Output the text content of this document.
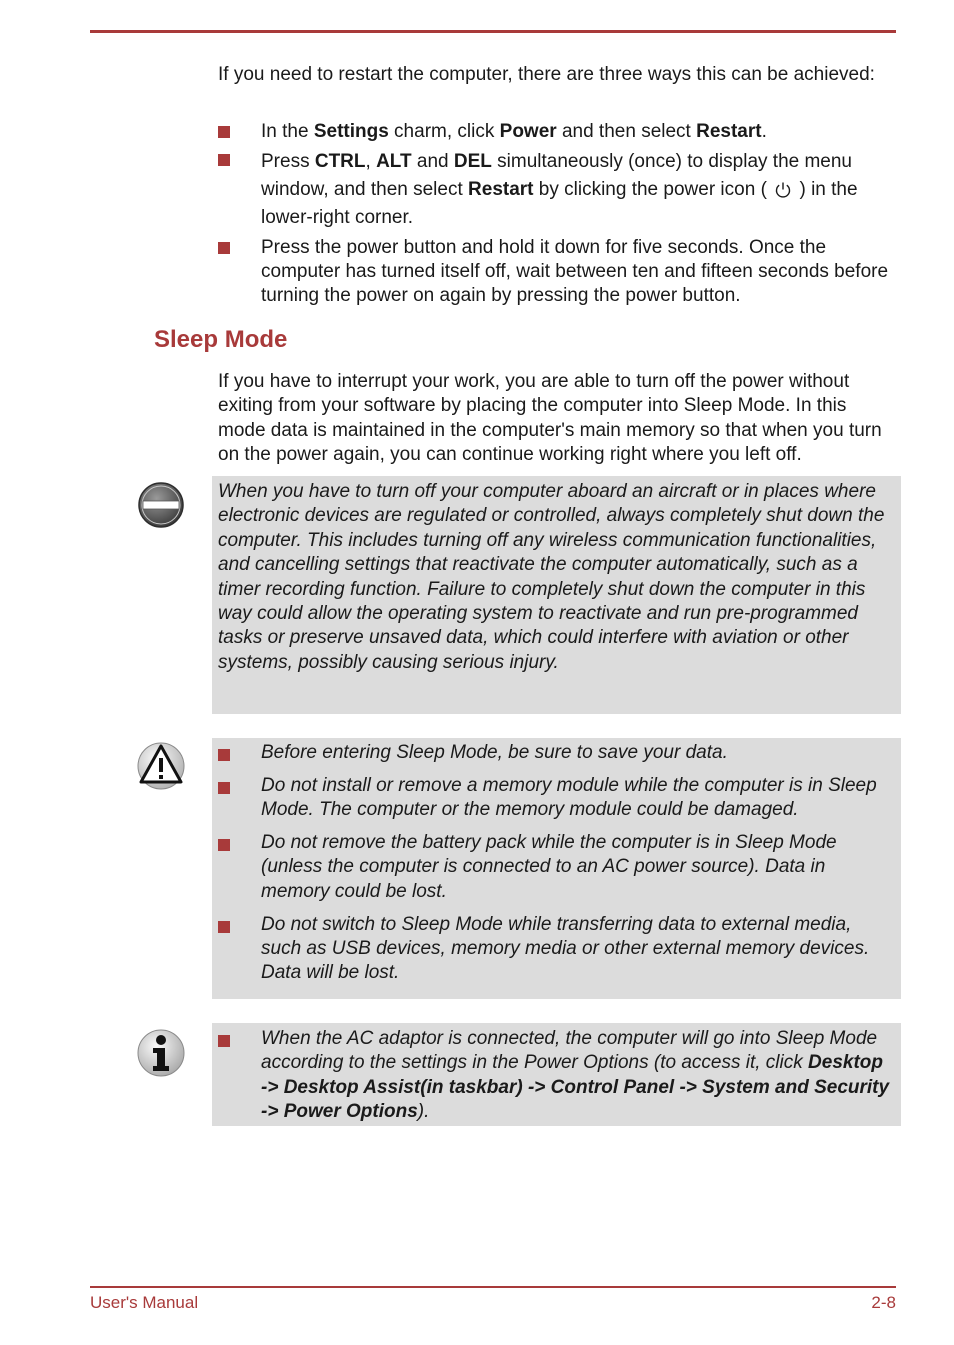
If you need to restart the computer, there are three ways this can be achieved:

In the Settings charm, click Power and then select Restart.
Press CTRL, ALT and DEL simultaneously (once) to display the menu window, and then select Restart by clicking the power icon (  ) in the lower-right corner.
Press the power button and hold it down for five seconds. Once the computer has turned itself off, wait between ten and fifteen seconds before turning the power on again by pressing the power button.
Sleep Mode

If you have to interrupt your work, you are able to turn off the power without exiting from your software by placing the computer into Sleep Mode. In this mode data is maintained in the computer's main memory so that when you turn on the power again, you can continue working right where you left off.

When you have to turn off your computer aboard an aircraft or in places where electronic devices are regulated or controlled, always completely shut down the computer. This includes turning off any wireless communication functionalities, and cancelling settings that reactivate the computer automatically, such as a timer recording function. Failure to completely shut down the computer in this way could allow the operating system to reactivate and run pre-programmed tasks or preserve unsaved data, which could interfere with aviation or other systems, possibly causing serious injury.

Before entering Sleep Mode, be sure to save your data.
Do not install or remove a memory module while the computer is in Sleep Mode. The computer or the memory module could be damaged.
Do not remove the battery pack while the computer is in Sleep Mode (unless the computer is connected to an AC power source). Data in memory could be lost.
Do not switch to Sleep Mode while transferring data to external media, such as USB devices, memory media or other external memory devices. Data will be lost.
When the AC adaptor is connected, the computer will go into Sleep Mode according to the settings in the Power Options (to access it, click Desktop -> Desktop Assist(in taskbar) -> Control Panel -> System and Security -> Power Options).

User's Manual	2-8
